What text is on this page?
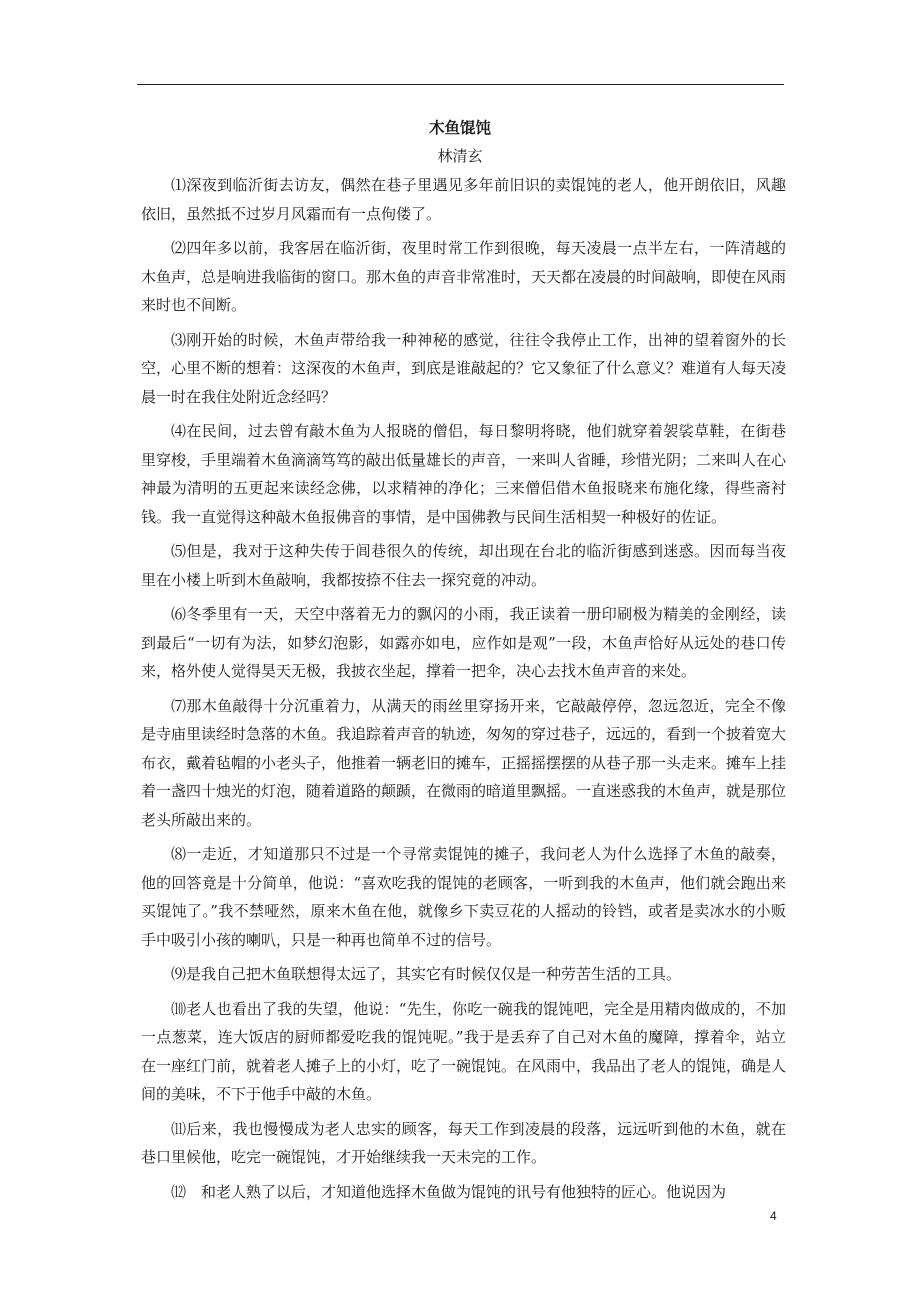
木鱼馄饨
林清玄

⑴深夜到临沂街去访友，偶然在巷子里遇见多年前旧识的卖馄饨的老人，他开朗依旧，风趣依旧，虽然抵不过岁月风霜而有一点佝偻了。

⑵四年多以前，我客居在临沂街，夜里时常工作到很晚，每天凌晨一点半左右，一阵清越的木鱼声，总是响进我临街的窗口。那木鱼的声音非常准时，天天都在凌晨的时间敲响，即使在风雨来时也不间断。

⑶刚开始的时候，木鱼声带给我一种神秘的感觉，往往令我停止工作，出神的望着窗外的长空，心里不断的想着：这深夜的木鱼声，到底是谁敲起的？它又象征了什么意义？难道有人每天凌晨一时在我住处附近念经吗？

⑷在民间，过去曾有敲木鱼为人报晓的僧侣，每日黎明将晓，他们就穿着袈裟草鞋，在街巷里穿梭，手里端着木鱼滴滴笃笃的敲出低量雄长的声音，一来叫人省睡，珍惜光阴；二来叫人在心神最为清明的五更起来读经念佛，以求精神的净化；三来僧侣借木鱼报晓来布施化缘，得些斋衬钱。我一直觉得这种敲木鱼报佛音的事情，是中国佛教与民间生活相契一种极好的佐证。

⑸但是，我对于这种失传于闾巷很久的传统，却出现在台北的临沂街感到迷惑。因而每当夜里在小楼上听到木鱼敲响，我都按捺不住去一探究竟的冲动。

⑹冬季里有一天，天空中落着无力的飘闪的小雨，我正读着一册印刷极为精美的金刚经，读到最后“一切有为法，如梦幻泡影，如露亦如电，应作如是观”一段，木鱼声恰好从远处的巷口传来，格外使人觉得昊天无极，我披衣坐起，撑着一把伞，决心去找木鱼声音的来处。

⑺那木鱼敲得十分沉重着力，从满天的雨丝里穿扬开来，它敲敲停停，忽远忽近，完全不像是寺庙里读经时急落的木鱼。我追踪着声音的轨迹，匆匆的穿过巷子，远远的，看到一个披着宽大布衣，戴着毡帽的小老头子，他推着一辆老旧的摊车，正摇摇摆摆的从巷子那一头走来。摊车上挂着一盏四十烛光的灯泡，随着道路的颠踬，在微雨的暗道里飘摇。一直迷惑我的木鱼声，就是那位老头所敲出来的。

⑻一走近，才知道那只不过是一个寻常卖馄饨的摊子，我问老人为什么选择了木鱼的敲奏，他的回答竟是十分简单，他说：“喜欢吃我的馄饨的老顾客，一听到我的木鱼声，他们就会跑出来买馄饨了。”我不禁哑然，原来木鱼在他，就像乡下卖豆花的人摇动的铃铛，或者是卖冰水的小贩手中吸引小孩的喇叭，只是一种再也简单不过的信号。

⑼是我自己把木鱼联想得太远了，其实它有时候仅仅是一种劳苦生活的工具。

⑽老人也看出了我的失望，他说：“先生，你吃一碗我的馄饨吧，完全是用精肉做成的，不加一点葱菜，连大饭店的厨师都爱吃我的馄饨呢。”我于是丢弃了自己对木鱼的魔障，撑着伞，站立在一座红门前，就着老人摊子上的小灯，吃了一碗馄饨。在风雨中，我品出了老人的馄饨，确是人间的美味，不下于他手中敲的木鱼。

⑾后来，我也慢慢成为老人忠实的顾客，每天工作到凌晨的段落，远远听到他的木鱼，就在巷口里候他，吃完一碗馄饨，才开始继续我一天未完的工作。

⑿　和老人熟了以后，才知道他选择木鱼做为馄饨的讯号有他独特的匠心。他说因为

4
